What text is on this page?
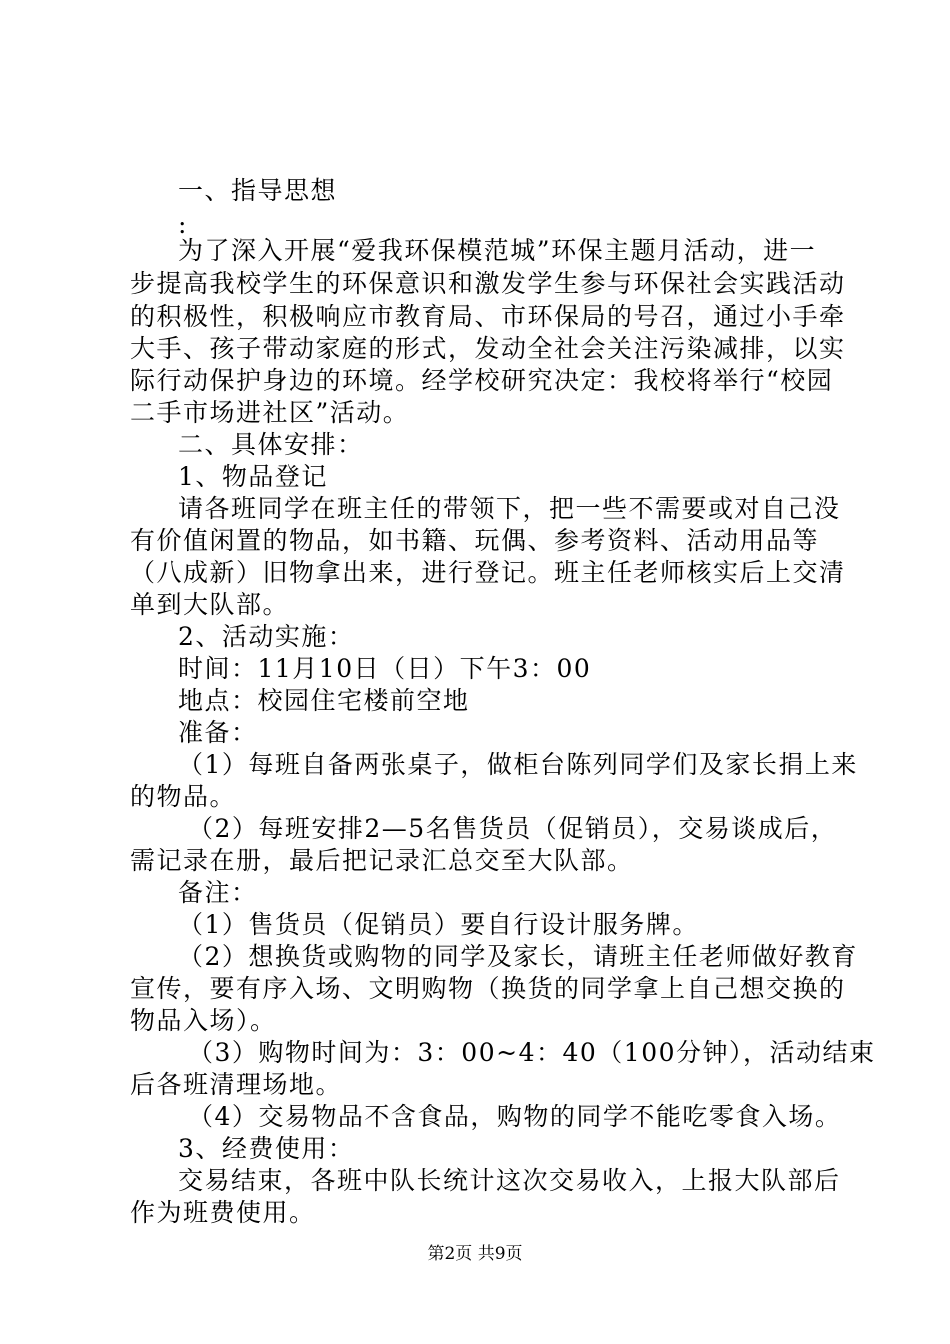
一、指导思想
:
为了深入开展“爱我环保模范城”环保主题月活动，进一
步提高我校学生的环保意识和激发学生参与环保社会实践活动
的积极性，积极响应市教育局、市环保局的号召，通过小手牵
大手、孩子带动家庭的形式，发动全社会关注污染减排，以实
际行动保护身边的环境。经学校研究决定：我校将举行“校园
二手市场进社区”活动。
二、具体安排：
1、物品登记
请各班同学在班主任的带领下，把一些不需要或对自己没
有价值闲置的物品，如书籍、玩偶、参考资料、活动用品等
（八成新）旧物拿出来，进行登记。班主任老师核实后上交清
单到大队部。
2、活动实施：
时间：11月10日（日）下午3：00
地点：校园住宅楼前空地
准备：
（1）每班自备两张桌子，做柜台陈列同学们及家长捐上来
的物品。
（2）每班安排2—5名售货员（促销员），交易谈成后，
需记录在册，最后把记录汇总交至大队部。
备注：
（1）售货员（促销员）要自行设计服务牌。
（2）想换货或购物的同学及家长，请班主任老师做好教育
宣传，要有序入场、文明购物（换货的同学拿上自己想交换的
物品入场）。
（3）购物时间为：3：00~4：40（100分钟），活动结束
后各班清理场地。
（4）交易物品不含食品，购物的同学不能吃零食入场。
3、经费使用：
交易结束，各班中队长统计这次交易收入，上报大队部后
作为班费使用。
第2页 共9页
